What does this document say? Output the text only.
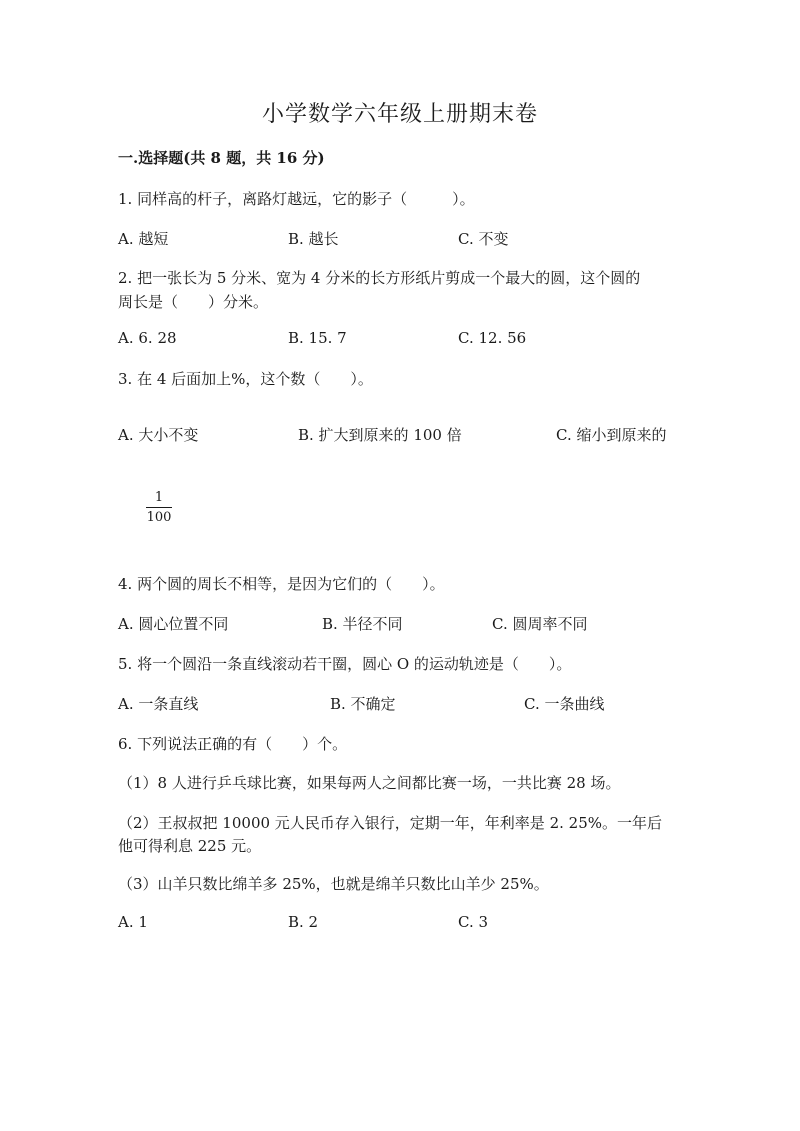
小学数学六年级上册期末卷
一.选择题(共 8 题，共 16 分)
1. 同样高的杆子，离路灯越远，它的影子（　　　）。
A. 越短	B. 越长	C. 不变
2. 把一张长为 5 分米、宽为 4 分米的长方形纸片剪成一个最大的圆，这个圆的
周长是（　　）分米。
A. 6. 28	B. 15. 7	C. 12. 56
3. 在 4 后面加上%，这个数（　　）。
A. 大小不变	B. 扩大到原来的 100 倍	C. 缩小到原来的
$\frac{1}{100}$
4. 两个圆的周长不相等，是因为它们的（　　）。
A. 圆心位置不同	B. 半径不同	C. 圆周率不同
5. 将一个圆沿一条直线滚动若干圈，圆心 O 的运动轨迹是（　　）。
A. 一条直线	B. 不确定	C. 一条曲线
6. 下列说法正确的有（　　）个。
（1）8 人进行乒乓球比赛，如果每两人之间都比赛一场，一共比赛 28 场。
（2）王叔叔把 10000 元人民币存入银行，定期一年，年利率是 2. 25%。一年后
他可得利息 225 元。
（3）山羊只数比绵羊多 25%，也就是绵羊只数比山羊少 25%。
A. 1	B. 2	C. 3
